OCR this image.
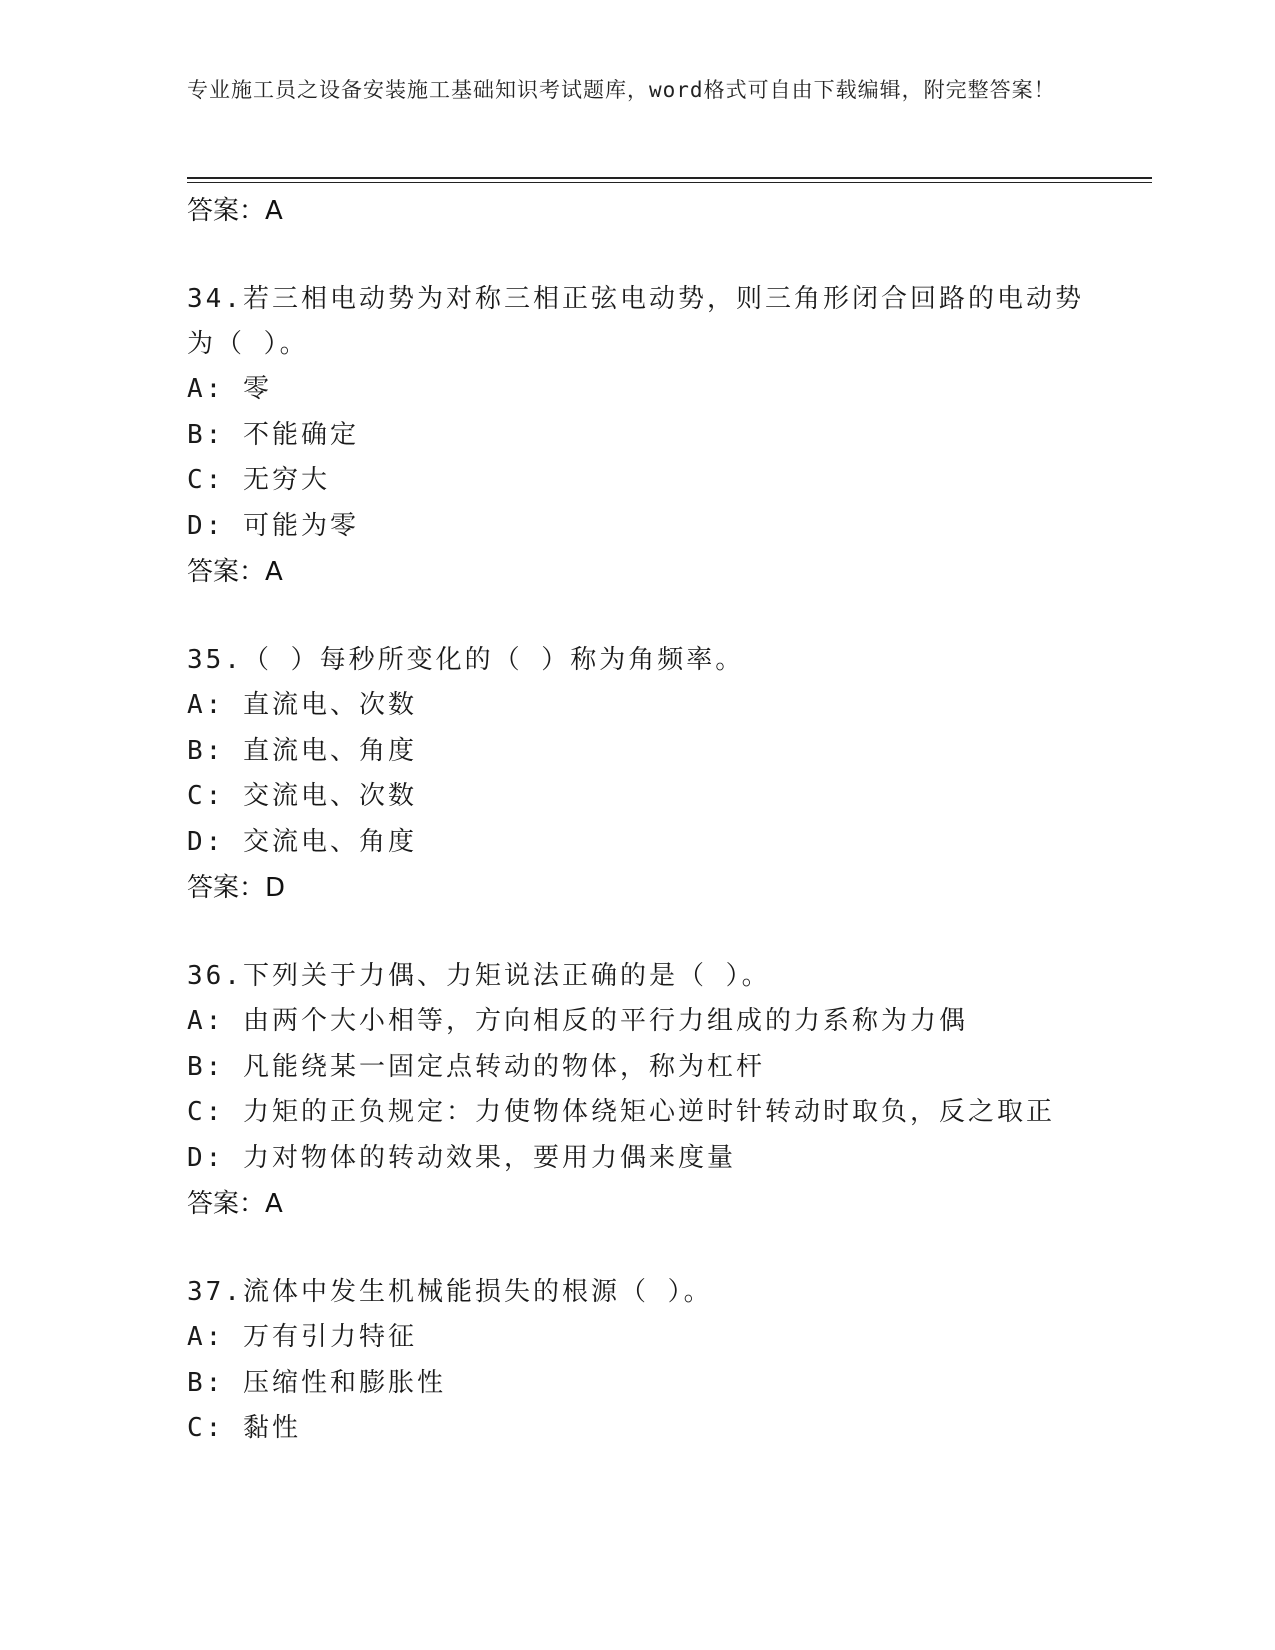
专业施工员之设备安装施工基础知识考试题库，word格式可自由下载编辑，附完整答案！
答案：A
34.若三相电动势为对称三相正弦电动势，则三角形闭合回路的电动势为（ ）。
A: 零
B: 不能确定
C: 无穷大
D: 可能为零
答案：A
35.（ ）每秒所变化的（ ）称为角频率。
A: 直流电、次数
B: 直流电、角度
C: 交流电、次数
D: 交流电、角度
答案：D
36.下列关于力偶、力矩说法正确的是（ ）。
A: 由两个大小相等，方向相反的平行力组成的力系称为力偶
B: 凡能绕某一固定点转动的物体，称为杠杆
C: 力矩的正负规定：力使物体绕矩心逆时针转动时取负，反之取正
D: 力对物体的转动效果，要用力偶来度量
答案：A
37.流体中发生机械能损失的根源（ ）。
A: 万有引力特征
B: 压缩性和膨胀性
C: 黏性
